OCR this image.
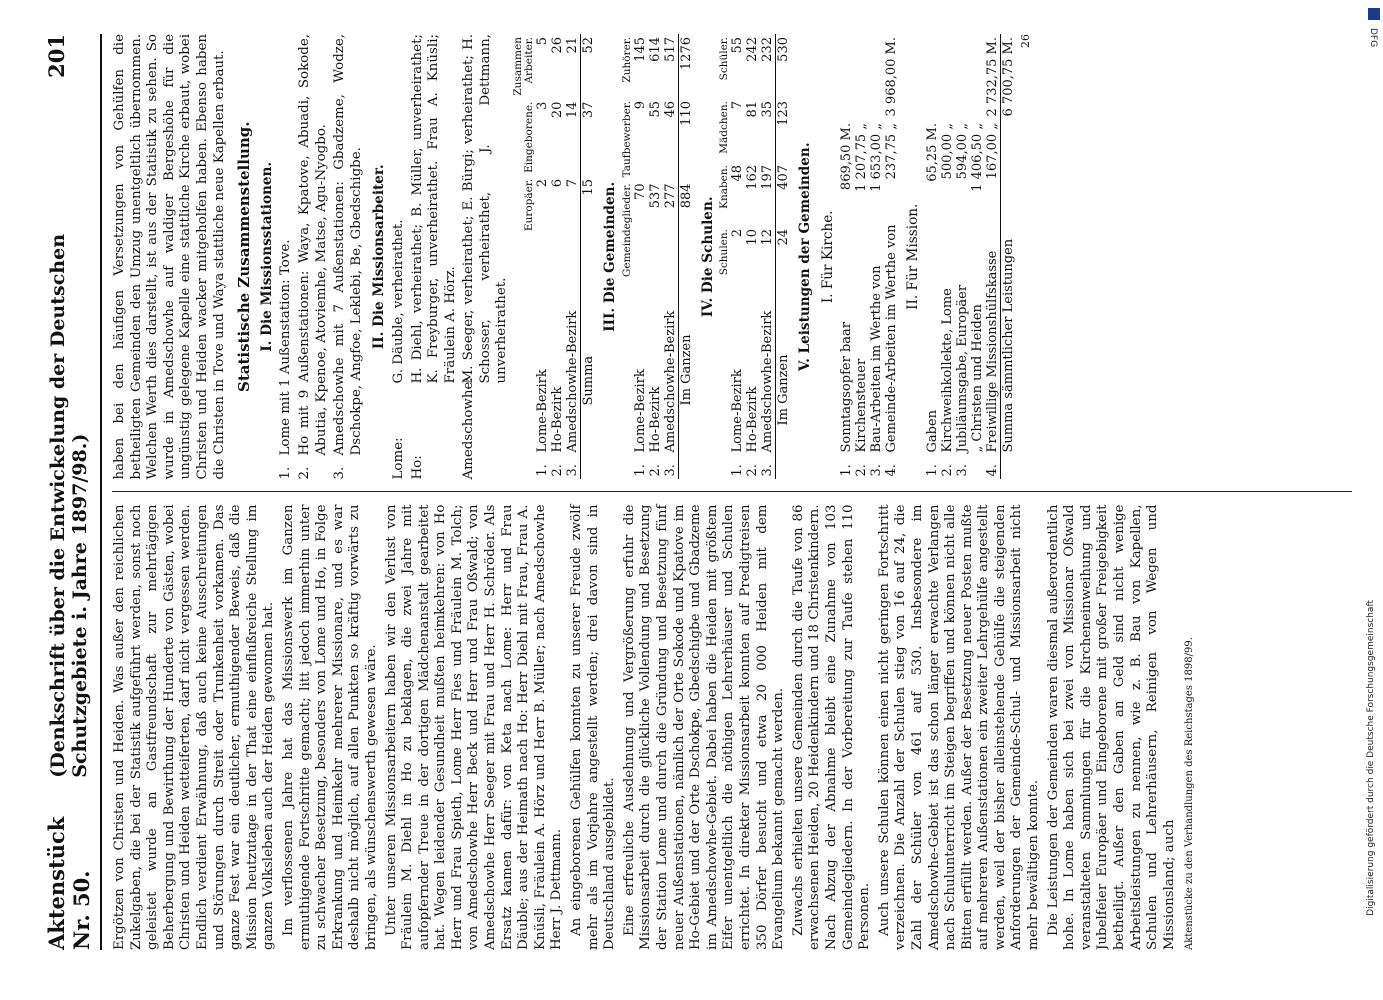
Aktenstück Nr. 50.
(Denkschrift über die Entwickelung der Deutschen Schutzgebiete i. Jahre 1897/98.)
201

Ergötzen von Christen und Heiden. Was außer den reichlichen Zukelgaben, die bei der Statistik aufgeführt werden, sonst noch geleistet wurde an Gastfreundschaft zur mehrtägigen Beherbergung und Bewirthung der Hunderte von Gästen, wobei Christen und Heiden wetteiferten, darf nicht vergessen werden. Endlich verdient Erwähnung, daß auch keine Ausschreitungen und Störungen durch Streit oder Trunkenheit vorkamen. Das ganze Fest war ein deutlicher, ermuthigender Beweis, daß die Mission heutzutage in der That eine einflußreiche Stellung im ganzen Volksleben auch der Heiden gewonnen hat. Im verflossenen Jahre hat das Missionswerk im Ganzen ermuthigende Fortschritte gemacht; litt jedoch immerhin unter zu schwacher Besetzung, besonders von Lome und Ho, in Folge Erkrankung und Heimkehr mehrerer Missionare, und es war deshalb nicht möglich, auf allen Punkten so kräftig vorwärts zu bringen, als wünschenswerth gewesen wäre. Unter unseren Missionsarbeitern haben wir den Verlust von Fräulein M. Diehl in Ho zu beklagen, die zwei Jahre mit aufopfernder Treue in der dortigen Mädchenanstalt gearbeitet hat. Wegen leidender Gesundheit mußten heimkehren: von Ho Herr und Frau Spieth, Lome Herr Fies und Fräulein M. Tolch; von Amedschowhe Herr Beck und Herr und Frau Oßwald; von Amedschowhe Herr Seeger mit Frau und Herr H. Schröder. Als Ersatz kamen dafür: von Keta nach Lome: Herr und Frau Däuble; aus der Heimath nach Ho: Herr Diehl mit Frau, Frau A. Knüsli, Fräulein A. Hörz und Herr B. Müller; nach Amedschowhe Herr J. Dettmann. An eingeborenen Gehülfen konnten zu unserer Freude zwölf mehr als im Vorjahre angestellt werden; drei davon sind in Deutschland ausgebildet. Eine erfreuliche Ausdehnung und Vergrößerung erfuhr die Missionsarbeit durch die glückliche Vollendung und Besetzung der Station Lome und durch die Gründung und Besetzung fünf neuer Außenstationen, nämlich der Orte Sokode und Kpatove im Ho-Gebiet und der Orte Dschokpe, Gbedschigbe und Gbadzeme im Amedschowhe-Gebiet. Dabei haben die Heiden mit größtem Eifer unentgeltlich die nöthigen Lehrerhäuser und Schulen errichtet. In direkter Missionsarbeit konnten auf Predigtreisen 350 Dörfer besucht und etwa 20 000 Heiden mit dem Evangelium bekannt gemacht werden. Zuwachs erhielten unsere Gemeinden durch die Taufe von 86 erwachsenen Heiden, 20 Heidenkindern und 18 Christenkindern. Nach Abzug der Abnahme bleibt eine Zunahme von 103 Gemeindegliedern. In der Vorbereitung zur Taufe stehen 110 Personen. Auch unsere Schulen können einen nicht geringen Fortschritt verzeichnen. Die Anzahl der Schulen stieg von 16 auf 24, die Zahl der Schüler von 461 auf 530. Insbesondere im Amedschowhe-Gebiet ist das schon länger erwachte Verlangen nach Schulunterricht im Steigen begriffen und können nicht alle Bitten erfüllt werden. Außer der Besetzung neuer Posten mußte auf mehreren Außenstationen ein zweiter Lehrgehülfe angestellt werden, weil der bisher alleinstehende Gehülfe die steigenden Anforderungen der Gemeinde-Schul- und Missionsarbeit nicht mehr bewältigen konnte. Die Leistungen der Gemeinden waren diesmal außerordentlich hohe. In Lome haben sich bei zwei von Missionar Oßwald veranstalteten Sammlungen für die Kircheneinweihung und Jubelfeier Europäer und Eingeborene mit großer Freigebigkeit betheiligt. Außer den Gaben an Geld sind nicht wenige Arbeitsleistungen zu nennen, wie z. B. Bau von Kapellen, Schulen und Lehrerhäusern, Reinigen von Wegen und Missionsland; auch Aktenstücke zu den Verhandlungen des Reichstages 1898/99.

haben bei den häufigen Versetzungen von Gehülfen die betheiligten Gemeinden den Umzug unentgeltlich übernommen. Welchen Werth dies darstellt, ist aus der Statistik zu sehen. So wurde in Amedschowhe auf waldiger Bergeshöhe für die ungünstig gelegene Kapelle eine stattliche Kirche erbaut, wobei Christen und Heiden wacker mitgeholfen haben. Ebenso haben die Christen in Tove und Waya stattliche neue Kapellen erbaut. Statistische Zusammenstellung. I. Die Missionsstationen.
1.
Lome mit 1 Außenstation: Tove.
2.
Ho mit 9 Außenstationen: Waya, Kpatove, Abuadi, Sokode, Abutia, Kpenoe, Atoviemhe, Matse, Agu-Nyogbo.
3.
Amedschowhe mit 7 Außenstationen: Gbadzeme, Wodze, Dschokpe, Angfoe, Leklebi, Be, Gbedschigbe. II. Die Missionsarbeiter.
Lome:
G. Däuble, verheirathet.
Ho:
H. Diehl, verheirathet; B. Müller, unverheirathet; K. Freyburger, unverheirathet. Frau A. Knüsli; Fräulein A. Hörz.
Amedschowhe:
M. Seeger, verheirathet; E. Bürgi; verheirathet; H. Schosser, verheirathet, J. Dettmann, unverheirathet.
		Europäer.	Eingeborene.	Zusammen Arbeiter.
1.	Lome-Bezirk	2	3	5
2.	Ho-Bezirk	6	20	26
3.	Amedschowhe-Bezirk	7	14	21
	Summa	15	37	52
III. Die Gemeinden.
		Gemeindeglieder.	Taufbewerber.	Zuhörer.
1.	Lome-Bezirk	70	9	145
2.	Ho-Bezirk	537	55	614
3.	Amedschowhe-Bezirk	277	46	517
	Im Ganzen	884	110	1276
IV. Die Schulen.
		Schulen.	Knaben.	Mädchen.	Schüler.
1.	Lome-Bezirk	2	48	7	55
2.	Ho-Bezirk	10	162	81	242
3.	Amedschowhe-Bezirk	12	197	35	232
	Im Ganzen	24	407	123	530
V. Leistungen der Gemeinden. I. Für Kirche.
1.	Sonntagsopfer baar	869,50 M.	
2.	Kirchensteuer	1 207,75 „	
3.	Bau-Arbeiten im Werthe von	1 653,00 „	
4.	Gemeinde-Arbeiten im Werthe von	237,75 „	3 968,00 M.
II. Für Mission.
1.	Gaben	65,25 M.	
2.	Kirchweihkollekte, Lome	500,00 „	
3.	Jubiläumsgabe, Europäer	594,00 „	
	„ Christen und Heiden	1 406,50 „	
4.	Freiwillige Missionshülfskasse	167,00 „	2 732,75 M.
	Summa sämmtlicher Leistungen		6 700,75 M. 26	DFG
Digitalisierung gefördert durch die Deutsche Forschungsgemeinschaft
